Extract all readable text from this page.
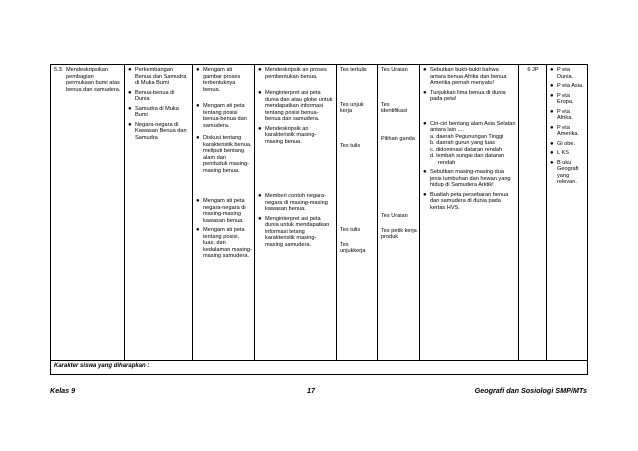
5.3. Mendeskripsikan pembagian permukaan bumi atas benua dan samudera.

● Perkembangan Benua dan Samudra di Muka Bumi
● Benua-benua di Dunia
● Samudra di Muka Bumi
● Negara-negara di Kawasan Benua dan Samudra

● Mengam ati gambar proses terbentuknya benua.
● Mengam ati peta tentang posisi benua-benua dan samudera.
● Diskusi tentang karakteristik benua, meliputi bentang alam dan penduduk masing-masing benua.
● Mengam ati peta negara-negara di masing-masing kawasan benua.
● Mengam ati peta tentang posisi, luas, dan kedalaman masing-masing samudera.

● Mendeskripsik an proses pembentukan benua.
● Menginterpret asi peta dunia dan atau globe untuk mendapatkan informasi tentang posisi benua-benua dan samudera.
● Mendeskripsik an karakteristik masing-masing benua.
● Memberi contoh negara-negara di masing-masing kawasan benua.
● Menginterpret asi peta dunia untuk mendapatkan informasi tetang karakteristik masing-masing samudera.

Tes tertulis
Tes unjuk kerja
Tes tulis
Tes tulis
Tes unjukkerja

Tes Uraian
Tes identifikasi
Pilihan ganda
Tes Uraian
Tes petik kerja produk

● Sebutkan bukti-bukti bahwa antara benua Afrika dan benua Amerika pernah menyatu!
● Tunjukkan lima benua di dunia pada peta!
● Ciri-ciri bentang alam Asia Selatan antara lain ....
a. daerah Pegunungan Tinggi
b. daerah gurun yang luas
c. didominasi dataran rendah
d. lembah sungai dan dataran rendah
● Sebutkan masing-masing dua jenis tumbuhan dan hewan yang hidup di Samudera Arktik!
● Buatlah peta persebaran benua dan samudera di dunia pada kertas HVS.
	6 JP	● P eta Dunia.
● P eta Asia.
● P eta Eropa.
● P eta Afrika.
● P eta Amerika.
● Gl obe.
● L KS
● B uku Geografi yang relevan.

Karakter siswa yang diharapkan :
Kelas 9	17	Geografi dan Sosiologi SMP/MTs
